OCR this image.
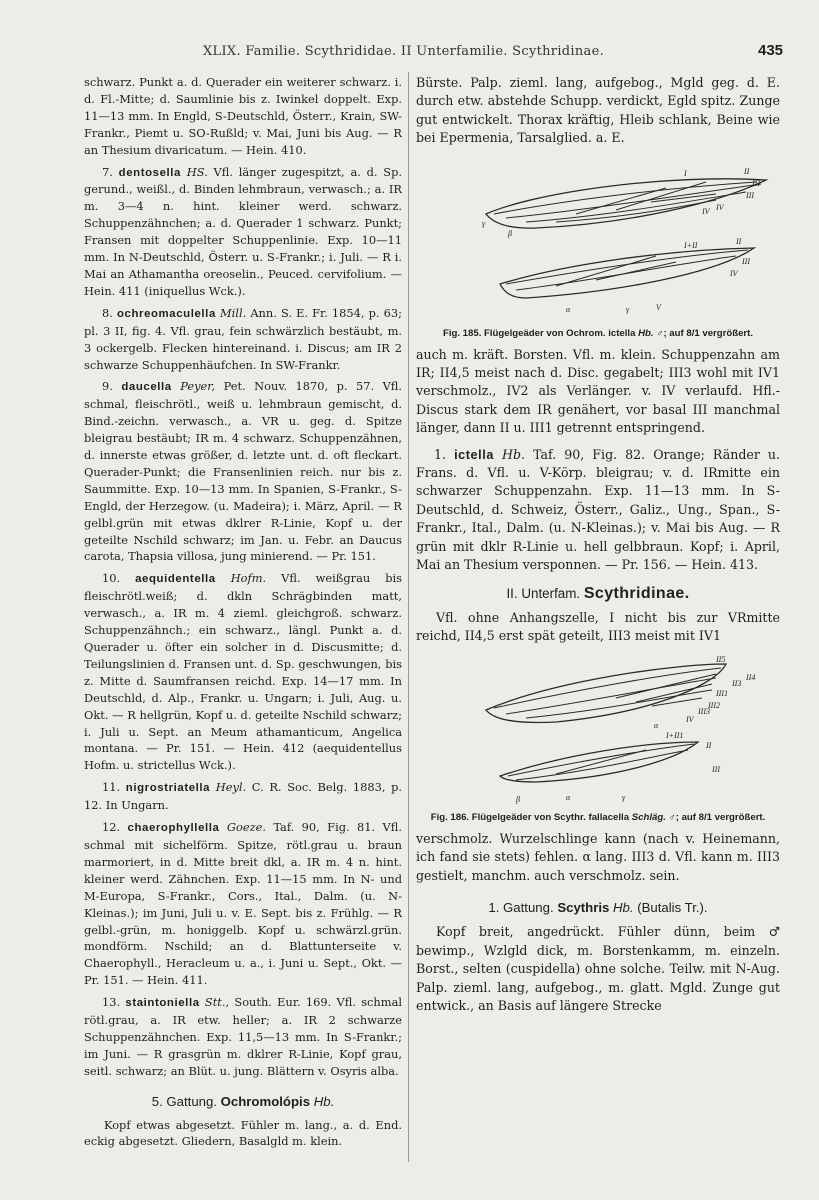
XLIX. Familie. Scythrididae. II Unterfamilie. Scythridinae.	435

schwarz. Punkt a. d. Querader ein weiterer schwarz. i. d. Fl.-Mitte; d. Saumlinie bis z. Iwinkel doppelt. Exp. 11—13 mm. In Engld, S-Deutschld, Österr., Krain, SW-Frankr., Piemt u. SO-Rußld; v. Mai, Juni bis Aug. — R an Thesium divaricatum. — Hein. 410.

7. dentosella HS. Vfl. länger zugespitzt, a. d. Sp. gerund., weißl., d. Binden lehmbraun, verwasch.; a. IR m. 3—4 n. hint. kleiner werd. schwarz. Schuppenzähnchen; a. d. Querader 1 schwarz. Punkt; Fransen mit doppelter Schuppenlinie. Exp. 10—11 mm. In N-Deutschld, Österr. u. S-Frankr.; i. Juli. — R i. Mai an Athamantha oreoselin., Peuced. cervifolium. — Hein. 411 (iniquellus Wck.).

8. ochreomaculella Mill. Ann. S. E. Fr. 1854, p. 63; pl. 3 II, fig. 4. Vfl. grau, fein schwärzlich bestäubt, m. 3 ockergelb. Flecken hintereinand. i. Discus; am IR 2 schwarze Schuppenhäufchen. In SW-Frankr.

9. daucella Peyer, Pet. Nouv. 1870, p. 57. Vfl. schmal, fleischrötl., weiß u. lehmbraun gemischt, d. Bind.-zeichn. verwasch., a. VR u. geg. d. Spitze bleigrau bestäubt; IR m. 4 schwarz. Schuppenzähnen, d. innerste etwas größer, d. letzte unt. d. oft fleckart. Querader-Punkt; die Fransenlinien reich. nur bis z. Saummitte. Exp. 10—13 mm. In Spanien, S-Frankr., S-Engld, der Herzegow. (u. Madeira); i. März, April. — R gelbl.grün mit etwas dklrer R-Linie, Kopf u. der geteilte Nschild schwarz; im Jan. u. Febr. an Daucus carota, Thapsia villosa, jung minierend. — Pr. 151.

10. aequidentella Hofm. Vfl. weißgrau bis fleischrötl.weiß; d. dkln Schrägbinden matt, verwasch., a. IR m. 4 zieml. gleichgroß. schwarz. Schuppenzähnch.; ein schwarz., längl. Punkt a. d. Querader u. öfter ein solcher in d. Discusmitte; d. Teilungslinien d. Fransen unt. d. Sp. geschwungen, bis z. Mitte d. Saumfransen reichd. Exp. 14—17 mm. In Deutschld, d. Alp., Frankr. u. Ungarn; i. Juli, Aug. u. Okt. — R hellgrün, Kopf u. d. geteilte Nschild schwarz; i. Juli u. Sept. an Meum athamanticum, Angelica montana. — Pr. 151. — Hein. 412 (aequidentellus Hofm. u. strictellus Wck.).

11. nigrostriatella Heyl. C. R. Soc. Belg. 1883, p. 12. In Ungarn.

12. chaerophyllella Goeze. Taf. 90, Fig. 81. Vfl. schmal mit sichelförm. Spitze, rötl.grau u. braun marmoriert, in d. Mitte breit dkl, a. IR m. 4 n. hint. kleiner werd. Zähnchen. Exp. 11—15 mm. In N- und M-Europa, S-Frankr., Cors., Ital., Dalm. (u. N-Kleinas.); im Juni, Juli u. v. E. Sept. bis z. Frühlg. — R gelbl.-grün, m. honiggelb. Kopf u. schwärzl.grün. mondförm. Nschild; an d. Blattunterseite v. Chaerophyll., Heracleum u. a., i. Juni u. Sept., Okt. — Pr. 151. — Hein. 411.

13. staintoniella Stt., South. Eur. 169. Vfl. schmal rötl.grau, a. IR etw. heller; a. IR 2 schwarze Schuppenzähnchen. Exp. 11,5—13 mm. In S-Frankr.; im Juni. — R grasgrün m. dklrer R-Linie, Kopf grau, seitl. schwarz; an Blüt. u. jung. Blättern v. Osyris alba.

5. Gattung. Ochromolópis Hb.

Kopf etwas abgesetzt. Fühler m. lang., a. d. End. eckig abgesetzt. Gliedern, Basalgld m. klein.

Bürste. Palp. zieml. lang, aufgebog., Mgld geg. d. E. durch etw. abstehde Schupp. verdickt, Egld spitz. Zunge gut entwickelt. Thorax kräftig, Hleib schlank, Beine wie bei Epermenia, Tarsalglied. a. E.

I	II
III
III
IV
IV
γ
β
I+II	II
III
IV
α	γ	V
Fig. 185. Flügelgeäder von Ochrom. ictella Hb. ♂; auf 8/1 vergrößert.

auch m. kräft. Borsten. Vfl. m. klein. Schuppenzahn am IR; II4,5 meist nach d. Disc. gegabelt; III3 wohl mit IV1 verschmolz., IV2 als Verlänger. v. IV verlaufd. Hfl.-Discus stark dem IR genähert, vor basal III manchmal länger, dann II u. III1 getrennt entspringend.

1. ictella Hb. Taf. 90, Fig. 82. Orange; Ränder u. Frans. d. Vfl. u. V-Körp. bleigrau; v. d. IRmitte ein schwarzer Schuppenzahn. Exp. 11—13 mm. In S-Deutschld, d. Schweiz, Österr., Galiz., Ung., Span., S-Frankr., Ital., Dalm. (u. N-Kleinas.); v. Mai bis Aug. — R grün mit dklr R-Linie u. hell gelbbraun. Kopf; i. April, Mai an Thesium versponnen. — Pr. 156. — Hein. 413.

II. Unterfam. Scythridinae.

Vfl. ohne Anhangszelle, I nicht bis zur VRmitte reichd, II4,5 erst spät geteilt, III3 meist mit IV1

II5
II4
II3
III1
III2
III3
IV
α
I+II1
II
III
β	α	γ
Fig. 186. Flügelgeäder von Scythr. fallacella Schläg. ♂; auf 8/1 vergrößert.

verschmolz. Wurzelschlinge kann (nach v. Heinemann, ich fand sie stets) fehlen. α lang. III3 d. Vfl. kann m. III3 gestielt, manchm. auch verschmolz. sein.

1. Gattung. Scythris Hb. (Butalis Tr.).

Kopf breit, angedrückt. Fühler dünn, beim ♂ bewimp., Wzlgld dick, m. Borstenkamm, m. einzeln. Borst., selten (cuspidella) ohne solche. Teilw. mit N-Aug. Palp. zieml. lang, aufgebog., m. glatt. Mgld. Zunge gut entwick., an Basis auf längere Strecke
